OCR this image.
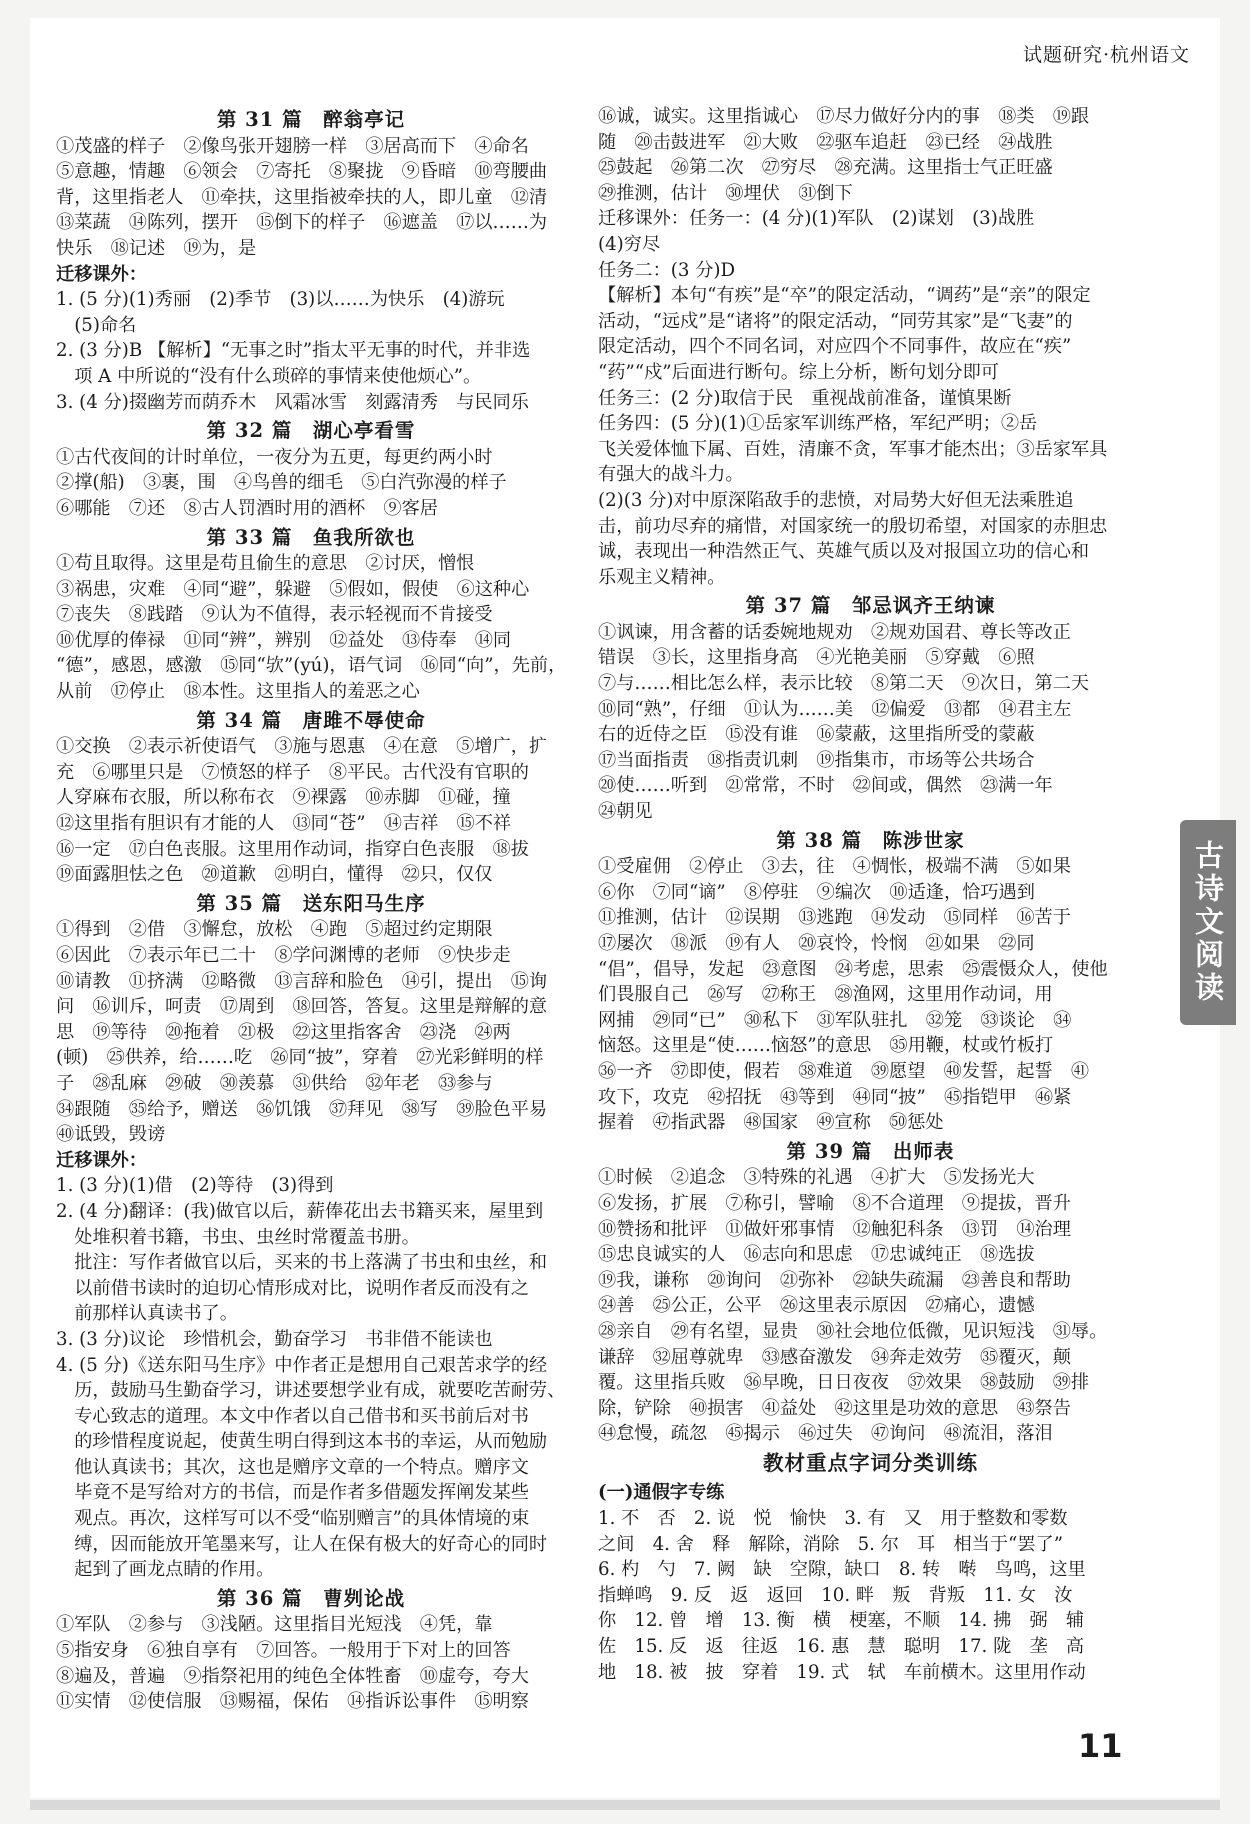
试题研究·杭州语文
第 31 篇　醉翁亭记
①茂盛的样子　②像鸟张开翅膀一样　③居高而下　④命名
⑤意趣，情趣　⑥领会　⑦寄托　⑧聚拢　⑨昏暗　⑩弯腰曲
背，这里指老人　⑪牵扶，这里指被牵扶的人，即儿童　⑫清
⑬菜蔬　⑭陈列，摆开　⑮倒下的样子　⑯遮盖　⑰以……为
快乐　⑱记述　⑲为，是
迁移课外：
1. (5 分)(1)秀丽　(2)季节　(3)以……为快乐　(4)游玩
　(5)命名
2. (3 分)B 【解析】“无事之时”指太平无事的时代，并非选
　项 A 中所说的“没有什么琐碎的事情来使他烦心”。
3. (4 分)掇幽芳而荫乔木　风霜冰雪　刻露清秀　与民同乐
第 32 篇　湖心亭看雪
①古代夜间的计时单位，一夜分为五更，每更约两小时
②撑(船)　③裹，围　④鸟兽的细毛　⑤白汽弥漫的样子
⑥哪能　⑦还　⑧古人罚酒时用的酒杯　⑨客居
第 33 篇　鱼我所欲也
①苟且取得。这里是苟且偷生的意思　②讨厌，憎恨
③祸患，灾难　④同“避”，躲避　⑤假如，假使　⑥这种心
⑦丧失　⑧践踏　⑨认为不值得，表示轻视而不肯接受
⑩优厚的俸禄　⑪同“辨”，辨别　⑫益处　⑬侍奉　⑭同
“德”，感恩，感激　⑮同“欤”(yú)，语气词　⑯同“向”，先前，
从前　⑰停止　⑱本性。这里指人的羞恶之心
第 34 篇　唐雎不辱使命
①交换　②表示祈使语气　③施与恩惠　④在意　⑤增广，扩
充　⑥哪里只是　⑦愤怒的样子　⑧平民。古代没有官职的
人穿麻布衣服，所以称布衣　⑨裸露　⑩赤脚　⑪碰，撞
⑫这里指有胆识有才能的人　⑬同“苍”　⑭吉祥　⑮不祥
⑯一定　⑰白色丧服。这里用作动词，指穿白色丧服　⑱拔
⑲面露胆怯之色　⑳道歉　㉑明白，懂得　㉒只，仅仅
第 35 篇　送东阳马生序
①得到　②借　③懈怠，放松　④跑　⑤超过约定期限
⑥因此　⑦表示年已二十　⑧学问渊博的老师　⑨快步走
⑩请教　⑪挤满　⑫略微　⑬言辞和脸色　⑭引，提出　⑮询
问　⑯训斥，呵责　⑰周到　⑱回答，答复。这里是辩解的意
思　⑲等待　⑳拖着　㉑极　㉒这里指客舍　㉓浇　㉔两
(顿)　㉕供养，给……吃　㉖同“披”，穿着　㉗光彩鲜明的样
子　㉘乱麻　㉙破　㉚羡慕　㉛供给　㉜年老　㉝参与
㉞跟随　㉟给予，赠送　㊱饥饿　㊲拜见　㊳写　㊴脸色平易
㊵诋毁，毁谤
迁移课外：
1. (3 分)(1)借　(2)等待　(3)得到
2. (4 分)翻译：(我)做官以后，薪俸花出去书籍买来，屋里到
　处堆积着书籍，书虫、虫丝时常覆盖书册。
　批注：写作者做官以后，买来的书上落满了书虫和虫丝，和
　以前借书读时的迫切心情形成对比，说明作者反而没有之
　前那样认真读书了。
3. (3 分)议论　珍惜机会，勤奋学习　书非借不能读也
4. (5 分)《送东阳马生序》中作者正是想用自己艰苦求学的经
　历，鼓励马生勤奋学习，讲述要想学业有成，就要吃苦耐劳、
　专心致志的道理。本文中作者以自己借书和买书前后对书
　的珍惜程度说起，使黄生明白得到这本书的幸运，从而勉励
　他认真读书；其次，这也是赠序文章的一个特点。赠序文
　毕竟不是写给对方的书信，而是作者多借题发挥阐发某些
　观点。再次，这样写可以不受“临别赠言”的具体情境的束
　缚，因而能放开笔墨来写，让人在保有极大的好奇心的同时
　起到了画龙点睛的作用。
第 36 篇　曹刿论战
①军队　②参与　③浅陋。这里指目光短浅　④凭，靠
⑤指安身　⑥独自享有　⑦回答。一般用于下对上的回答
⑧遍及，普遍　⑨指祭祀用的纯色全体牲畜　⑩虚夸，夸大
⑪实情　⑫使信服　⑬赐福，保佑　⑭指诉讼事件　⑮明察
⑯诚，诚实。这里指诚心　⑰尽力做好分内的事　⑱类　⑲跟
随　⑳击鼓进军　㉑大败　㉒驱车追赶　㉓已经　㉔战胜
㉕鼓起　㉖第二次　㉗穷尽　㉘充满。这里指士气正旺盛
㉙推测，估计　㉚埋伏　㉛倒下
迁移课外：任务一：(4 分)(1)军队　(2)谋划　(3)战胜
(4)穷尽
任务二：(3 分)D
【解析】本句“有疾”是“卒”的限定活动，“调药”是“亲”的限定
活动，“远戍”是“诸将”的限定活动，“同劳其家”是“飞妻”的
限定活动，四个不同名词，对应四个不同事件，故应在“疾”
“药”“戍”后面进行断句。综上分析，断句划分即可
任务三：(2 分)取信于民　重视战前准备，谨慎果断
任务四：(5 分)(1)①岳家军训练严格，军纪严明；②岳
飞关爱体恤下属、百姓，清廉不贪，军事才能杰出；③岳家军具
有强大的战斗力。
(2)(3 分)对中原深陷敌手的悲愤，对局势大好但无法乘胜追
击，前功尽弃的痛惜，对国家统一的殷切希望，对国家的赤胆忠
诚，表现出一种浩然正气、英雄气质以及对报国立功的信心和
乐观主义精神。
第 37 篇　邹忌讽齐王纳谏
①讽谏，用含蓄的话委婉地规劝　②规劝国君、尊长等改正
错误　③长，这里指身高　④光艳美丽　⑤穿戴　⑥照
⑦与……相比怎么样，表示比较　⑧第二天　⑨次日，第二天
⑩同“熟”，仔细　⑪认为……美　⑫偏爱　⑬都　⑭君主左
右的近侍之臣　⑮没有谁　⑯蒙蔽，这里指所受的蒙蔽
⑰当面指责　⑱指责讥刺　⑲指集市，市场等公共场合
⑳使……听到　㉑常常，不时　㉒间或，偶然　㉓满一年
㉔朝见
第 38 篇　陈涉世家
①受雇佣　②停止　③去，往　④惆怅，极端不满　⑤如果
⑥你　⑦同“谪”　⑧停驻　⑨编次　⑩适逢，恰巧遇到
⑪推测，估计　⑫误期　⑬逃跑　⑭发动　⑮同样　⑯苦于
⑰屡次　⑱派　⑲有人　⑳哀怜，怜悯　㉑如果　㉒同
“倡”，倡导，发起　㉓意图　㉔考虑，思索　㉕震慑众人，使他
们畏服自己　㉖写　㉗称王　㉘渔网，这里用作动词，用
网捕　㉙同“已”　㉚私下　㉛军队驻扎　㉜笼　㉝谈论　㉞
恼怒。这里是“使……恼怒”的意思　㉟用鞭，杖或竹板打
㊱一齐　㊲即使，假若　㊳难道　㊴愿望　㊵发誓，起誓　㊶
攻下，攻克　㊷招抚　㊸等到　㊹同“披”　㊺指铠甲　㊻紧
握着　㊼指武器　㊽国家　㊾宣称　㊿惩处
第 39 篇　出师表
①时候　②追念　③特殊的礼遇　④扩大　⑤发扬光大
⑥发扬，扩展　⑦称引，譬喻　⑧不合道理　⑨提拔，晋升
⑩赞扬和批评　⑪做奸邪事情　⑫触犯科条　⑬罚　⑭治理
⑮忠良诚实的人　⑯志向和思虑　⑰忠诚纯正　⑱选拔
⑲我，谦称　⑳询问　㉑弥补　㉒缺失疏漏　㉓善良和帮助
㉔善　㉕公正，公平　㉖这里表示原因　㉗痛心，遗憾
㉘亲自　㉙有名望，显贵　㉚社会地位低微，见识短浅　㉛辱。
谦辞　㉜屈尊就卑　㉝感奋激发　㉞奔走效劳　㉟覆灭，颠
覆。这里指兵败　㊱早晚，日日夜夜　㊲效果　㊳鼓励　㊴排
除，铲除　㊵损害　㊶益处　㊷这里是功效的意思　㊸祭告
㊹怠慢，疏忽　㊺揭示　㊻过失　㊼询问　㊽流泪，落泪
教材重点字词分类训练
(一)通假字专练
1. 不　否　2. 说　悦　愉快　3. 有　又　用于整数和零数
之间　4. 舍　释　解除，消除　5. 尔　耳　相当于“罢了”
6. 杓　勺　7. 阙　缺　空隙，缺口　8. 转　啭　鸟鸣，这里
指蝉鸣　9. 反　返　返回　10. 畔　叛　背叛　11. 女　汝
你　12. 曾　增　13. 衡　横　梗塞，不顺　14. 拂　弼　辅
佐　15. 反　返　往返　16. 惠　慧　聪明　17. 陇　垄　高
地　18. 被　披　穿着　19. 式　轼　车前横木。这里用作动
古诗文阅读
11
